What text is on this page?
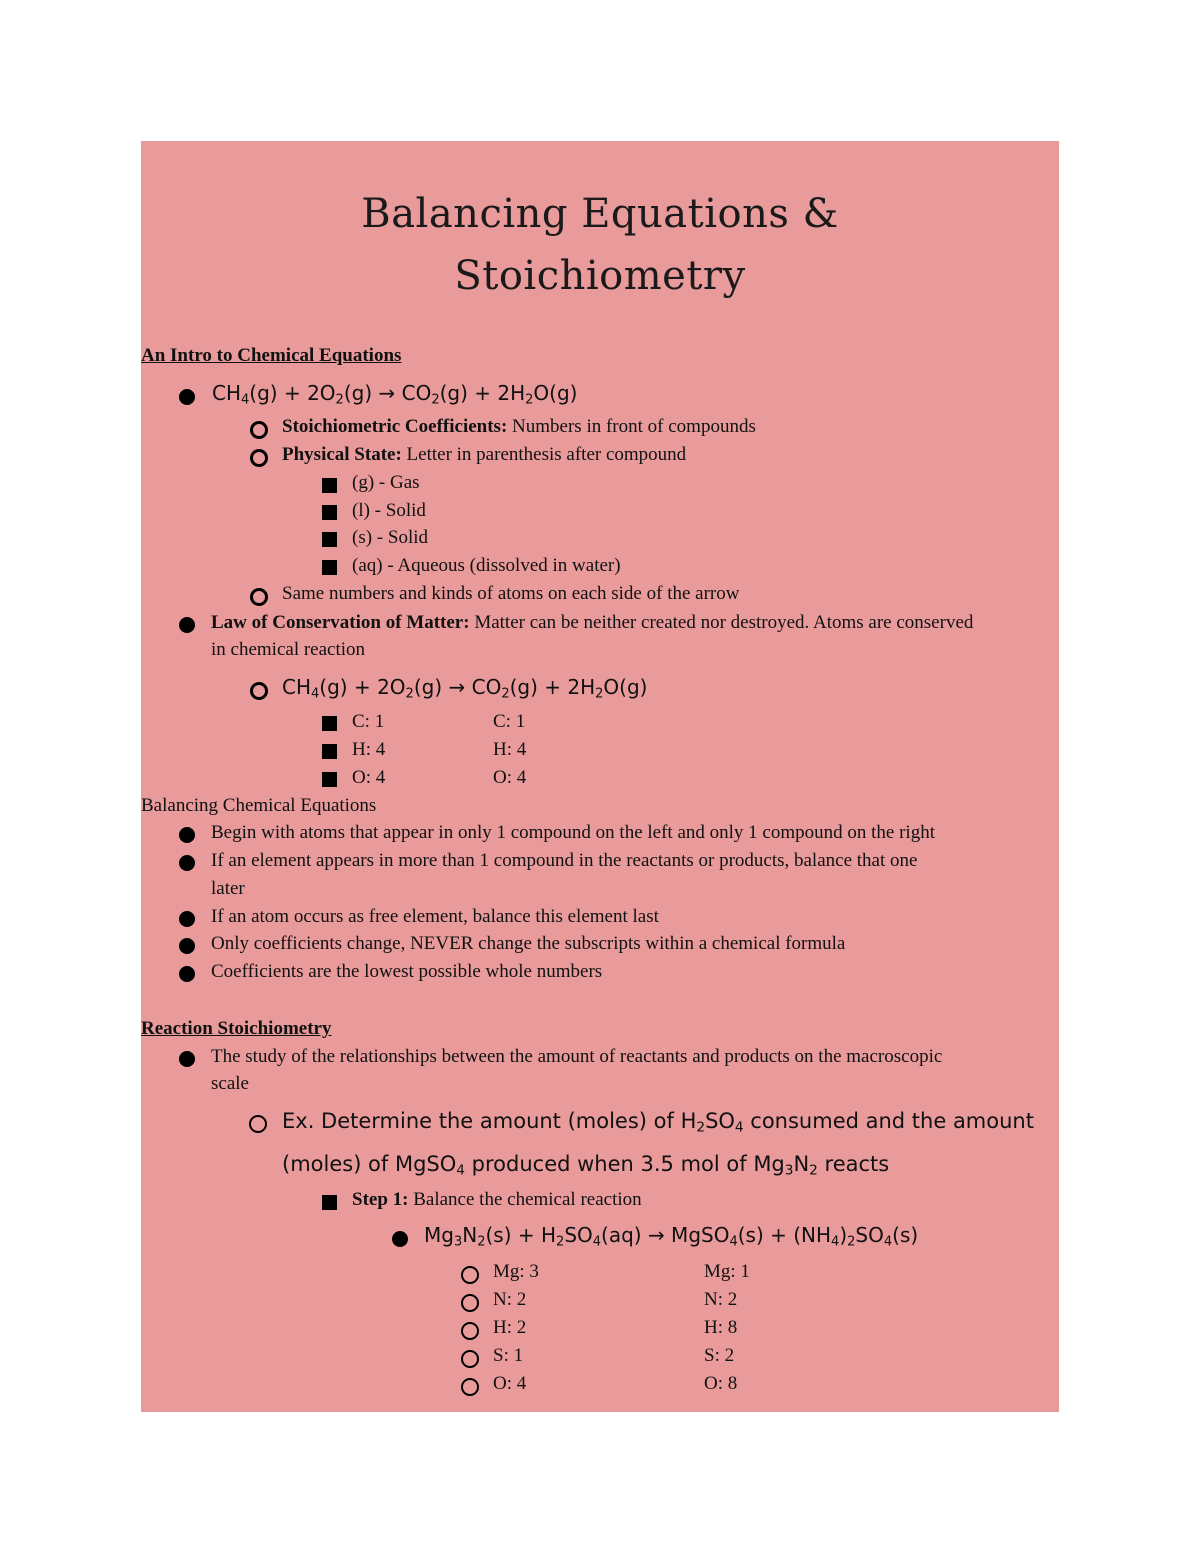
Balancing Equations &
Stoichiometry
An Intro to Chemical Equations
$CH_4(g) + 2O_2(g) \to CO_2(g) + 2H_2O(g)$
Stoichiometric Coefficients: Numbers in front of compounds
Physical State: Letter in parenthesis after compound
(g) - Gas
(l) - Solid
(s) - Solid
(aq) - Aqueous (dissolved in water)
Same numbers and kinds of atoms on each side of the arrow
Law of Conservation of Matter: Matter can be neither created nor destroyed. Atoms are conserved
in chemical reaction
$CH_4(g) + 2O_2(g) \to CO_2(g) + 2H_2O(g)$
C: 1	C: 1
H: 4	H: 4
O: 4	O: 4
Balancing Chemical Equations
Begin with atoms that appear in only 1 compound on the left and only 1 compound on the right
If an element appears in more than 1 compound in the reactants or products, balance that one
later
If an atom occurs as free element, balance this element last
Only coefficients change, NEVER change the subscripts within a chemical formula
Coefficients are the lowest possible whole numbers
Reaction Stoichiometry
The study of the relationships between the amount of reactants and products on the macroscopic
scale
Ex. Determine the amount (moles) of $H_2SO_4$ consumed and the amount
(moles) of MgSO$_4$ produced when 3.5 mol of $Mg_3N_2$ reacts
Step 1: Balance the chemical reaction
$Mg_3N_2(s) + H_2SO_4(aq)$ → MgSO$_4$(s) + $(NH_4)_2SO_4(s)$
Mg: 3	Mg: 1
N: 2	N: 2
H: 2	H: 8
S: 1	S: 2
O: 4	O: 8
